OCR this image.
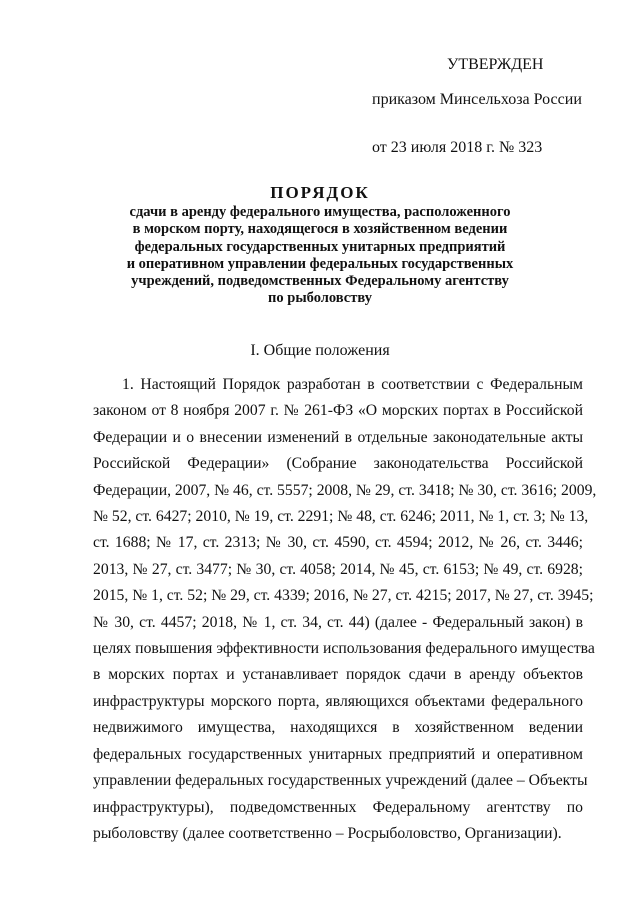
УТВЕРЖДЕН
приказом Минсельхоза России
от 23 июля 2018 г. № 323
ПОРЯДОК
сдачи в аренду федерального имущества, расположенного
в морском порту, находящегося в хозяйственном ведении
федеральных государственных унитарных предприятий
и оперативном управлении федеральных государственных
учреждений, подведомственных Федеральному агентству
по рыболовству
I. Общие положения
1. Настоящий Порядок разработан в соответствии с Федеральным
законом от 8 ноября 2007 г. № 261-ФЗ «О морских портах в Российской
Федерации и о внесении изменений в отдельные законодательные акты
Российской Федерации» (Собрание законодательства Российской
Федерации, 2007, № 46, ст. 5557; 2008, № 29, ст. 3418; № 30, ст. 3616; 2009,
№ 52, ст. 6427; 2010, № 19, ст. 2291; № 48, ст. 6246; 2011, № 1, ст. 3; № 13,
ст. 1688; № 17, ст. 2313; № 30, ст. 4590, ст. 4594; 2012, № 26, ст. 3446;
2013, № 27, ст. 3477; № 30, ст. 4058; 2014, № 45, ст. 6153; № 49, ст. 6928;
2015, № 1, ст. 52; № 29, ст. 4339; 2016, № 27, ст. 4215; 2017, № 27, ст. 3945;
№ 30, ст. 4457; 2018, № 1, ст. 34, ст. 44) (далее - Федеральный закон) в
целях повышения эффективности использования федерального имущества
в морских портах и устанавливает порядок сдачи в аренду объектов
инфраструктуры морского порта, являющихся объектами федерального
недвижимого имущества, находящихся в хозяйственном ведении
федеральных государственных унитарных предприятий и оперативном
управлении федеральных государственных учреждений (далее – Объекты
инфраструктуры), подведомственных Федеральному агентству по
рыболовству (далее соответственно – Росрыболовство, Организации).
